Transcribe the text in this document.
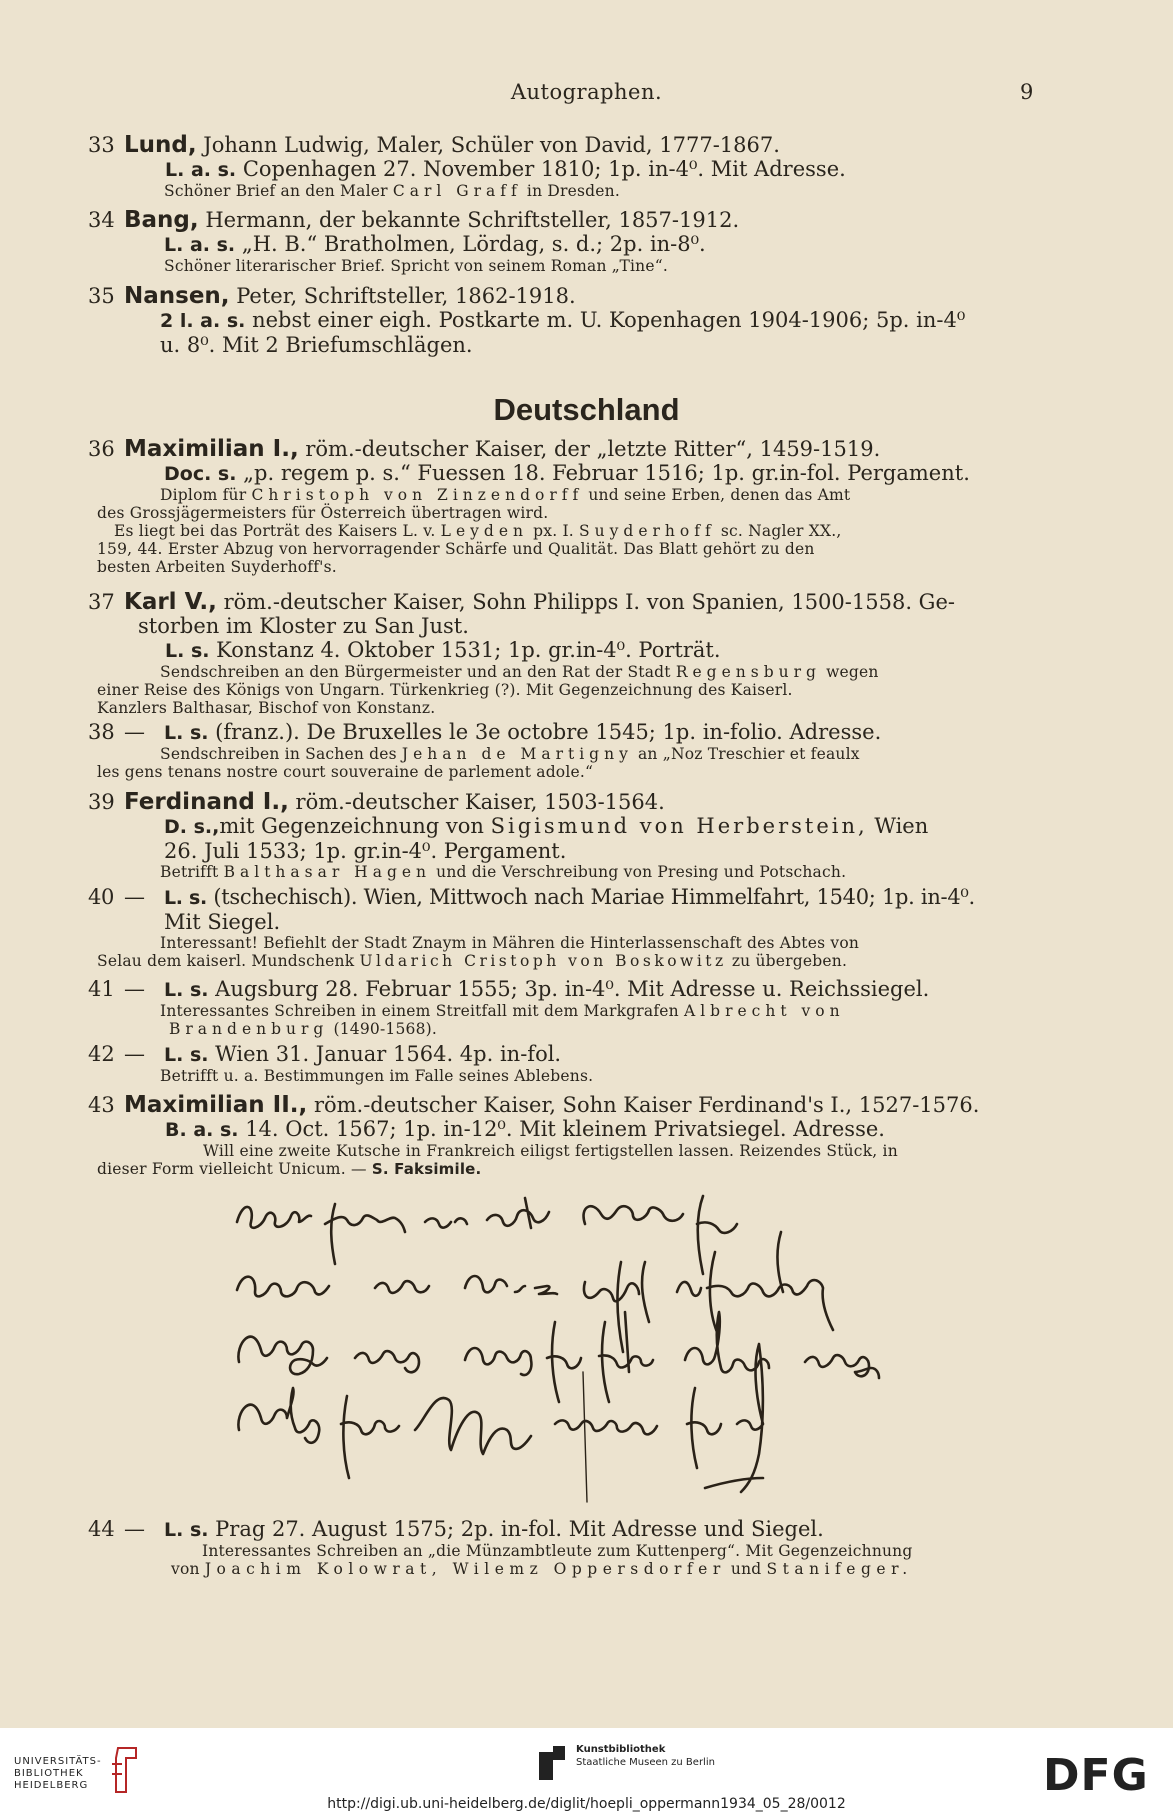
Autographen.	9
33 Lund, Johann Ludwig, Maler, Schüler von David, 1777-1867.
L. a. s. Copenhagen 27. November 1810; 1p. in-4⁰. Mit Adresse.
Schöner Brief an den Maler Carl Graff in Dresden.
34 Bang, Hermann, der bekannte Schriftsteller, 1857-1912.
L. a. s. „H. B.“ Bratholmen, Lördag, s. d.; 2p. in-8⁰.
Schöner literarischer Brief. Spricht von seinem Roman „Tine“.
35 Nansen, Peter, Schriftsteller, 1862-1918.
2 l. a. s. nebst einer eigh. Postkarte m. U. Kopenhagen 1904-1906; 5p. in-4⁰
u. 8⁰. Mit 2 Briefumschlägen.
Deutschland
36 Maximilian I., röm.-deutscher Kaiser, der „letzte Ritter“, 1459-1519.
Doc. s. „p. regem p. s.“ Fuessen 18. Februar 1516; 1p. gr.in-fol. Pergament.
Diplom für Christoph von Zinzendorff und seine Erben, denen das Amt
des Grossjägermeisters für Österreich übertragen wird.
Es liegt bei das Porträt des Kaisers L. v. Leyden px. I. Suyderhoff sc. Nagler XX.,
159, 44. Erster Abzug von hervorragender Schärfe und Qualität. Das Blatt gehört zu den
besten Arbeiten Suyderhoff's.
37 Karl V., röm.-deutscher Kaiser, Sohn Philipps I. von Spanien, 1500-1558. Ge-
storben im Kloster zu San Just.
L. s. Konstanz 4. Oktober 1531; 1p. gr.in-4⁰. Porträt.
Sendschreiben an den Bürgermeister und an den Rat der Stadt Regensburg wegen
einer Reise des Königs von Ungarn. Türkenkrieg (?). Mit Gegenzeichnung des Kaiserl.
Kanzlers Balthasar, Bischof von Konstanz.
38 — L. s. (franz.). De Bruxelles le 3e octobre 1545; 1p. in-folio. Adresse.
Sendschreiben in Sachen des Jehan de Martigny an „Noz Treschier et feaulx
les gens tenans nostre court souveraine de parlement adole.“
39 Ferdinand I., röm.-deutscher Kaiser, 1503-1564.
D. s.,mit Gegenzeichnung von Sigismund von Herberstein, Wien
26. Juli 1533; 1p. gr.in-4⁰. Pergament.
Betrifft Balthasar Hagen und die Verschreibung von Presing und Potschach.
40 — L. s. (tschechisch). Wien, Mittwoch nach Mariae Himmelfahrt, 1540; 1p. in-4⁰.
Mit Siegel.
Interessant! Befiehlt der Stadt Znaym in Mähren die Hinterlassenschaft des Abtes von
Selau dem kaiserl. Mundschenk Uldarich Cristoph von Boskowitz zu übergeben.
41 — L. s. Augsburg 28. Februar 1555; 3p. in-4⁰. Mit Adresse u. Reichssiegel.
Interessantes Schreiben in einem Streitfall mit dem Markgrafen Albrecht von
Brandenburg (1490-1568).
42 — L. s. Wien 31. Januar 1564. 4p. in-fol.
Betrifft u. a. Bestimmungen im Falle seines Ablebens.
43 Maximilian II., röm.-deutscher Kaiser, Sohn Kaiser Ferdinand's I., 1527-1576.
B. a. s. 14. Oct. 1567; 1p. in-12⁰. Mit kleinem Privatsiegel. Adresse.
Will eine zweite Kutsche in Frankreich eiligst fertigstellen lassen. Reizendes Stück, in
dieser Form vielleicht Unicum. — S. Faksimile.
44 — L. s. Prag 27. August 1575; 2p. in-fol. Mit Adresse und Siegel.
Interessantes Schreiben an „die Münzambtleute zum Kuttenperg“. Mit Gegenzeichnung
von Joachim Kolowrat, Wilemz Oppersdorfer und Stanifeger.
UNIVERSITÄTS-
BIBLIOTHEK
HEIDELBERG
Kunstbibliothek
Staatliche Museen zu Berlin	DFG
http://digi.ub.uni-heidelberg.de/diglit/hoepli_oppermann1934_05_28/0012
